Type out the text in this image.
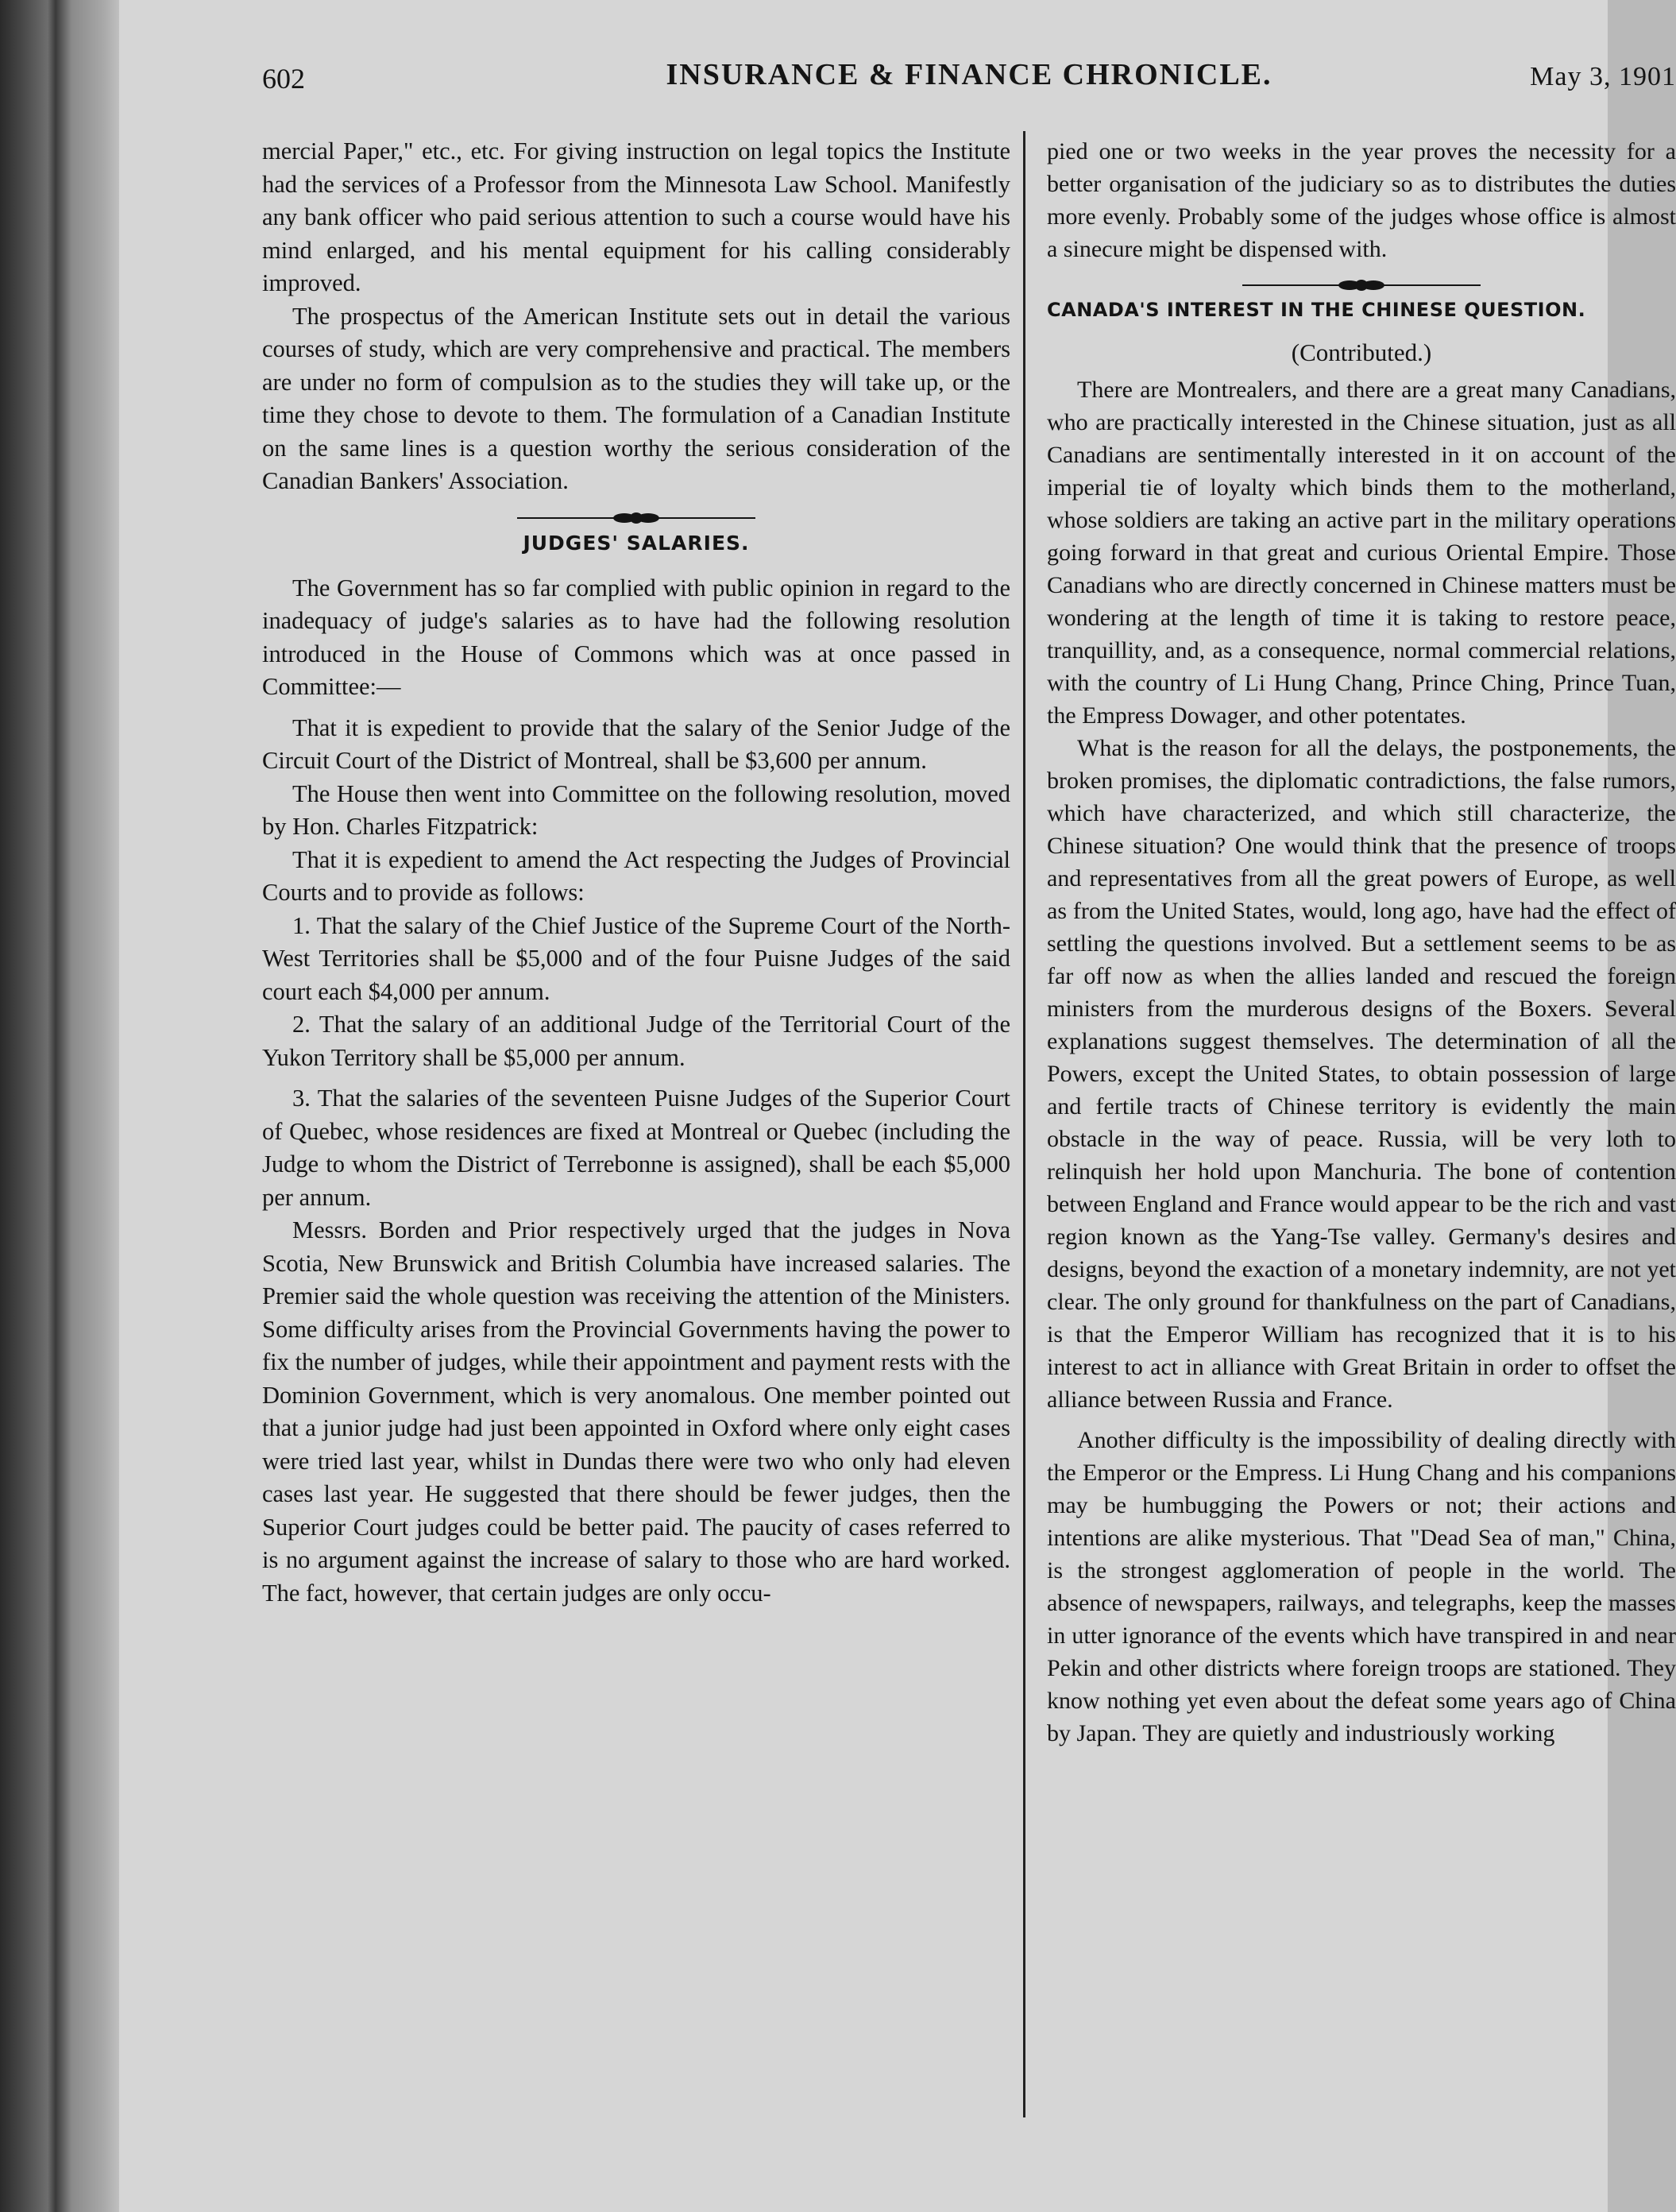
602	INSURANCE & FINANCE CHRONICLE.	May 3, 1901

mercial Paper," etc., etc. For giving instruction on legal topics the Institute had the services of a Professor from the Minnesota Law School. Manifestly any bank officer who paid serious attention to such a course would have his mind enlarged, and his mental equipment for his calling considerably improved.

The prospectus of the American Institute sets out in detail the various courses of study, which are very comprehensive and practical. The members are under no form of compulsion as to the studies they will take up, or the time they chose to devote to them. The formulation of a Canadian Institute on the same lines is a question worthy the serious consideration of the Canadian Bankers' Association.

JUDGES' SALARIES.

The Government has so far complied with public opinion in regard to the inadequacy of judge's salaries as to have had the following resolution introduced in the House of Commons which was at once passed in Committee:—

That it is expedient to provide that the salary of the Senior Judge of the Circuit Court of the District of Montreal, shall be $3,600 per annum.

The House then went into Committee on the following resolution, moved by Hon. Charles Fitzpatrick:

That it is expedient to amend the Act respecting the Judges of Provincial Courts and to provide as follows:

1. That the salary of the Chief Justice of the Supreme Court of the North-West Territories shall be $5,000 and of the four Puisne Judges of the said court each $4,000 per annum.

2. That the salary of an additional Judge of the Territorial Court of the Yukon Territory shall be $5,000 per annum.

3. That the salaries of the seventeen Puisne Judges of the Superior Court of Quebec, whose residences are fixed at Montreal or Quebec (including the Judge to whom the District of Terrebonne is assigned), shall be each $5,000 per annum.

Messrs. Borden and Prior respectively urged that the judges in Nova Scotia, New Brunswick and British Columbia have increased salaries. The Premier said the whole question was receiving the attention of the Ministers. Some difficulty arises from the Provincial Governments having the power to fix the number of judges, while their appointment and payment rests with the Dominion Government, which is very anomalous. One member pointed out that a junior judge had just been appointed in Oxford where only eight cases were tried last year, whilst in Dundas there were two who only had eleven cases last year. He suggested that there should be fewer judges, then the Superior Court judges could be better paid. The paucity of cases referred to is no argument against the increase of salary to those who are hard worked. The fact, however, that certain judges are only occu-

pied one or two weeks in the year proves the necessity for a better organisation of the judiciary so as to distributes the duties more evenly. Probably some of the judges whose office is almost a sinecure might be dispensed with.

CANADA'S INTEREST IN THE CHINESE QUESTION.
(Contributed.)

There are Montrealers, and there are a great many Canadians, who are practically interested in the Chinese situation, just as all Canadians are sentimentally interested in it on account of the imperial tie of loyalty which binds them to the motherland, whose soldiers are taking an active part in the military operations going forward in that great and curious Oriental Empire. Those Canadians who are directly concerned in Chinese matters must be wondering at the length of time it is taking to restore peace, tranquillity, and, as a consequence, normal commercial relations, with the country of Li Hung Chang, Prince Ching, Prince Tuan, the Empress Dowager, and other potentates.

What is the reason for all the delays, the postponements, the broken promises, the diplomatic contradictions, the false rumors, which have characterized, and which still characterize, the Chinese situation? One would think that the presence of troops and representatives from all the great powers of Europe, as well as from the United States, would, long ago, have had the effect of settling the questions involved. But a settlement seems to be as far off now as when the allies landed and rescued the foreign ministers from the murderous designs of the Boxers. Several explanations suggest themselves. The determination of all the Powers, except the United States, to obtain possession of large and fertile tracts of Chinese territory is evidently the main obstacle in the way of peace. Russia, will be very loth to relinquish her hold upon Manchuria. The bone of contention between England and France would appear to be the rich and vast region known as the Yang-Tse valley. Germany's desires and designs, beyond the exaction of a monetary indemnity, are not yet clear. The only ground for thankfulness on the part of Canadians, is that the Emperor William has recognized that it is to his interest to act in alliance with Great Britain in order to offset the alliance between Russia and France.

Another difficulty is the impossibility of dealing directly with the Emperor or the Empress. Li Hung Chang and his companions may be humbugging the Powers or not; their actions and intentions are alike mysterious. That "Dead Sea of man," China, is the strongest agglomeration of people in the world. The absence of newspapers, railways, and telegraphs, keep the masses in utter ignorance of the events which have transpired in and near Pekin and other districts where foreign troops are stationed. They know nothing yet even about the defeat some years ago of China by Japan. They are quietly and industriously working
